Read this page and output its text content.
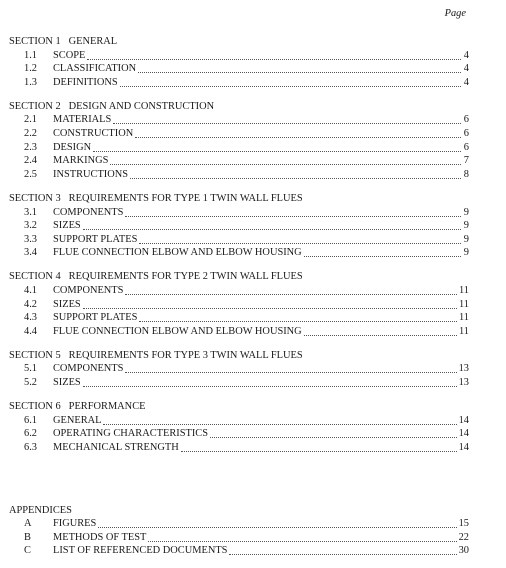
Page
SECTION 1 GENERAL
1.1	SCOPE	4
1.2	CLASSIFICATION	4
1.3	DEFINITIONS	4
SECTION 2 DESIGN AND CONSTRUCTION
2.1	MATERIALS	6
2.2	CONSTRUCTION	6
2.3	DESIGN	6
2.4	MARKINGS	7
2.5	INSTRUCTIONS	8
SECTION 3 REQUIREMENTS FOR TYPE 1 TWIN WALL FLUES
3.1	COMPONENTS	9
3.2	SIZES	9
3.3	SUPPORT PLATES	9
3.4	FLUE CONNECTION ELBOW AND ELBOW HOUSING	9
SECTION 4 REQUIREMENTS FOR TYPE 2 TWIN WALL FLUES
4.1	COMPONENTS	11
4.2	SIZES	11
4.3	SUPPORT PLATES	11
4.4	FLUE CONNECTION ELBOW AND ELBOW HOUSING	11
SECTION 5 REQUIREMENTS FOR TYPE 3 TWIN WALL FLUES
5.1	COMPONENTS	13
5.2	SIZES	13
SECTION 6 PERFORMANCE
6.1	GENERAL	14
6.2	OPERATING CHARACTERISTICS	14
6.3	MECHANICAL STRENGTH	14
APPENDICES
A	FIGURES	15
B	METHODS OF TEST	22
C	LIST OF REFERENCED DOCUMENTS	30
